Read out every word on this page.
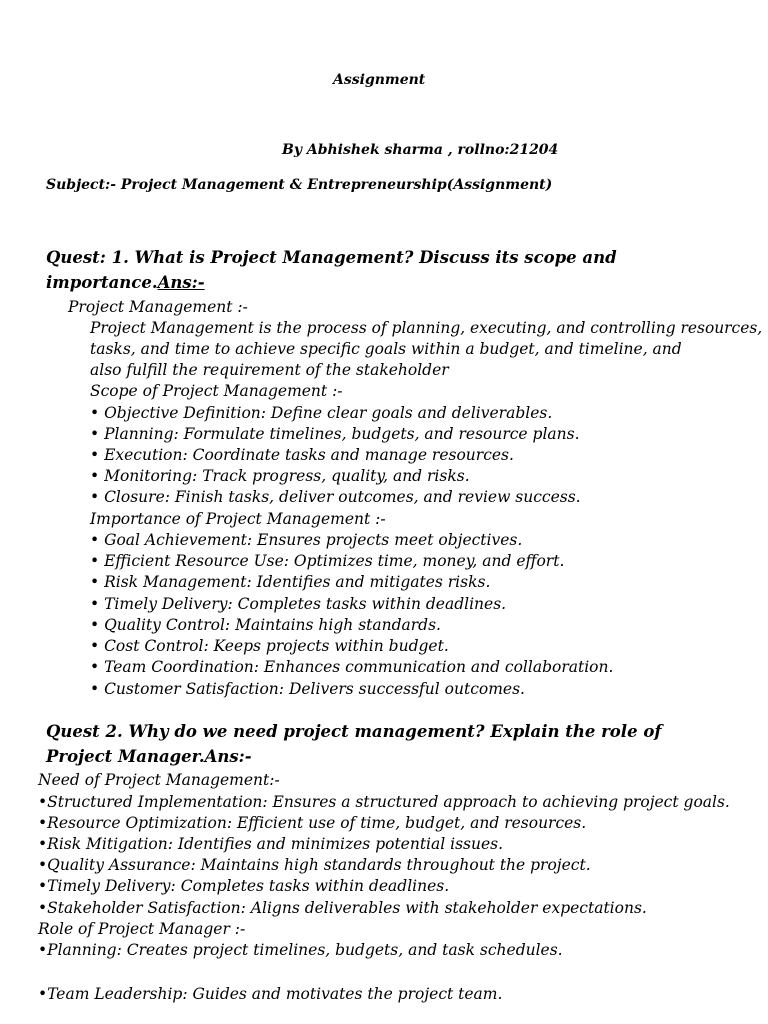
Assignment
By Abhishek sharma , rollno:21204
Subject:- Project Management & Entrepreneurship(Assignment)
Quest: 1. What is Project Management? Discuss its scope and
importance.Ans:-
Project Management :-
Project Management is the process of planning, executing, and controlling resources,
tasks, and time to achieve specific goals within a budget, and timeline, and
also fulfill the requirement of the stakeholder
Scope of Project Management :-
• Objective Definition: Define clear goals and deliverables.
• Planning: Formulate timelines, budgets, and resource plans.
• Execution: Coordinate tasks and manage resources.
• Monitoring: Track progress, quality, and risks.
• Closure: Finish tasks, deliver outcomes, and review success.
Importance of Project Management :-
• Goal Achievement: Ensures projects meet objectives.
• Efficient Resource Use: Optimizes time, money, and effort.
• Risk Management: Identifies and mitigates risks.
• Timely Delivery: Completes tasks within deadlines.
• Quality Control: Maintains high standards.
• Cost Control: Keeps projects within budget.
• Team Coordination: Enhances communication and collaboration.
• Customer Satisfaction: Delivers successful outcomes.
Quest 2. Why do we need project management? Explain the role of
Project Manager.Ans:-
Need of Project Management:-
•Structured Implementation: Ensures a structured approach to achieving project goals.
•Resource Optimization: Efficient use of time, budget, and resources.
•Risk Mitigation: Identifies and minimizes potential issues.
•Quality Assurance: Maintains high standards throughout the project.
•Timely Delivery: Completes tasks within deadlines.
•Stakeholder Satisfaction: Aligns deliverables with stakeholder expectations.
Role of Project Manager :-
•Planning: Creates project timelines, budgets, and task schedules.
•Team Leadership: Guides and motivates the project team.
